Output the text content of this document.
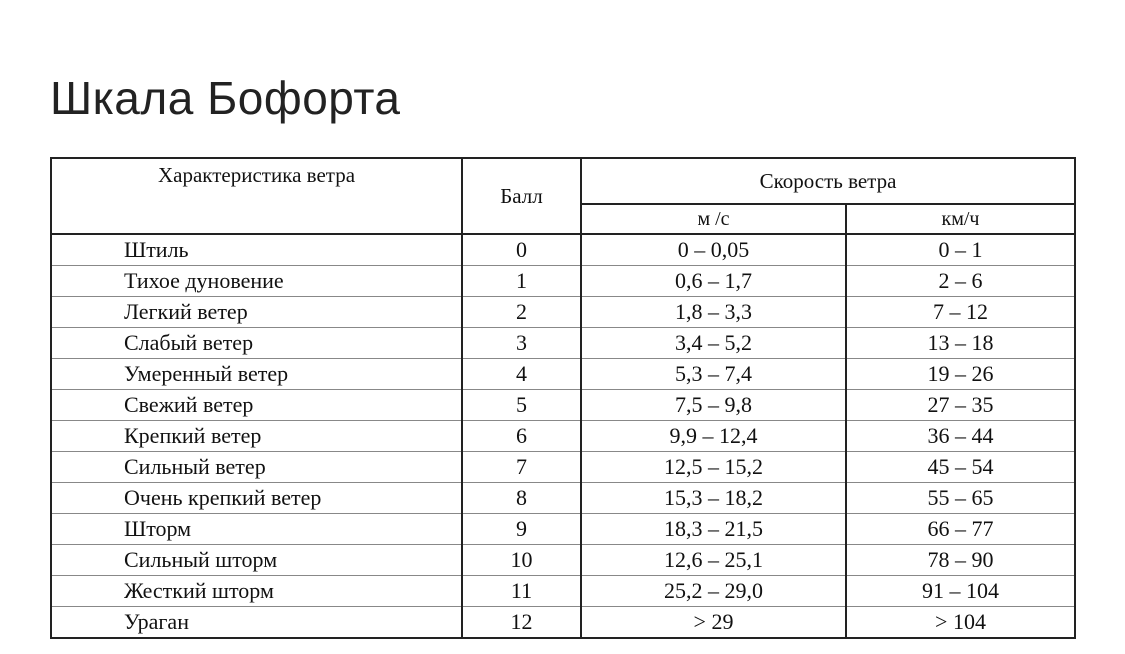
Шкала Бофорта
Характеристика ветра	Балл	Скорость ветра	
		м /с	км/ч
Штиль	0	0 – 0,05	0 – 1
Тихое дуновение	1	0,6 – 1,7	2 – 6
Легкий ветер	2	1,8 – 3,3	7 – 12
Слабый ветер	3	3,4 – 5,2	13 – 18
Умеренный ветер	4	5,3 – 7,4	19 – 26
Свежий ветер	5	7,5 – 9,8	27 – 35
Крепкий ветер	6	9,9 – 12,4	36 – 44
Сильный ветер	7	12,5 – 15,2	45 – 54
Очень крепкий ветер	8	15,3 – 18,2	55 – 65
Шторм	9	18,3 – 21,5	66 – 77
Сильный шторм	10	12,6 – 25,1	78 – 90
Жесткий шторм	11	25,2 – 29,0	91 – 104
Ураган	12	> 29	> 104
